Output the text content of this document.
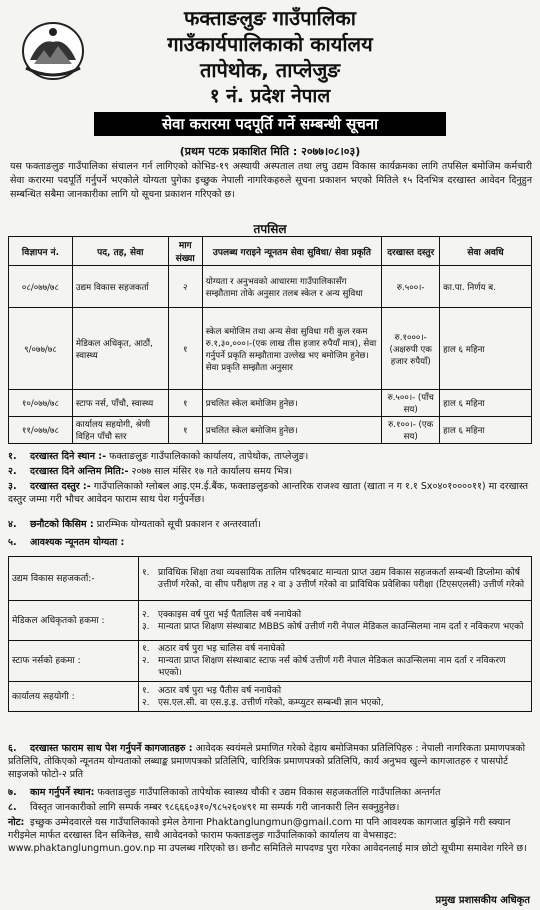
फक्ताङलुङ गाउँपालिका
गाउँकार्यपालिकाको कार्यालय
तापेथोक, ताप्लेजुङ
१ नं. प्रदेश नेपाल
सेवा करारमा पदपूर्ति गर्ने सम्बन्धी सूचना
(प्रथम पटक प्रकाशित मिति : २०७७।०८।०३)
यस फक्ताङलुङ गाउँपालिका संचालन गर्न लागिएको कोभिड-१९ अस्थायी अस्पताल तथा लघु उद्यम विकास कार्यक्रमका लागि तपसिल बमोजिम कर्मचारी सेवा करारमा पदपूर्ति गर्नुपर्ने भएकोले योग्यता पुगेका इच्छुक नेपाली नागरिकहरुले सूचना प्रकाशन भएको मितिले १५ दिनभित्र दरखास्त आवेदन दिनुहुन सम्बन्धित सबैमा जानकारीका लागि यो सूचना प्रकाशन गरिएको छ।
तपसिल
विज्ञापन नं.	पद, तह, सेवा	माग संख्या	उपलब्ध गराइने न्यूनतम सेवा सुविधा/ सेवा प्रकृति	दरखास्त दस्तुर	सेवा अवधि
०८/०७७/७८	उद्यम विकास सहजकर्ता	२	योग्यता र अनुभवको आधारमा गाउँपालिकासँग सम्झौतामा तोके अनुसार तलब स्केल र अन्य सुविधा	रु.५००।-	का.पा. निर्णय ब.
९/०७७/७८	मेडिकल अधिकृत, आठौं, स्वास्थ्य	१	स्केल बमोजिम तथा अन्य सेवा सुविधा गरी कुल रकम रु.१,३०,०००।-(एक लाख तीस हजार रुपैयाँ मात्र), सेवा गर्नुपर्ने प्रकृति सम्झौतामा उल्लेख भए बमोजिम हुनेछ। सेवा प्रकृति सम्झौता अनुसार	रु.१०००।- (अक्षरुपी एक हजार रुपैयाँ)	हाल ६ महिना
१०/०७७/७८	स्टाफ नर्स, पाँचौ, स्वास्थ्य	१	प्रचलित स्केल बमोजिम हुनेछ।	रु.५००।- (पाँच सय)	हाल ६ महिना
११/०७७/७८	कार्यालय सहयोगी, श्रेणी विहिन पाँचौ स्तर	१	प्रचलित स्केल बमोजिम हुनेछ।	रु.१००।- (एक सय)	हाल ६ महिना
१. दरखास्त दिने स्थान :- फक्ताङलुङ गाउँपालिकाको कार्यालय, तापेथोक, ताप्लेजुङ।
२. दरखास्त दिने अन्तिम मिति:- २०७७ साल मंसिर १७ गते कार्यालय समय भित्र।
३. दरखास्त दस्तुर :- गाउँपालिकाको ग्लोबल आइ.एम.ई.बैंक, फक्ताङलुङको आन्तरिक राजश्व खाता (खाता न ग १.१ Sx०४०१००००११) मा दरखास्त दस्तुर जम्मा गरी भौचर आवेदन फाराम साथ पेश गर्नुपर्नेछ।
४. छनौटको किसिम : प्रारम्भिक योग्यताको सूची प्रकाशन र अन्तरवार्ता।
५. आवश्यक न्यूनतम योग्यता :
उद्यम विकास सहजकर्ता:-	१. प्राविधिक शिक्षा तथा व्यवसायिक तालिम परिषदबाट मान्यता प्राप्त उद्यम विकास सहजकर्ता सम्बन्धी डिप्लोमा कोर्ष उत्तीर्ण गरेको, वा सीप परीक्षण तह २ वा ३ उत्तीर्ण गरेको वा प्राविधिक प्रवेशिका परीक्षा (टिएसएलसी) उत्तीर्ण गरेको

मेडिकल अधिकृतको हकमा :	२. एक्काइस वर्ष पुरा भई पैतालिस वर्ष ननाघेको
३. मान्यता प्राप्त शिक्षण संस्थाबाट MBBS कोर्ष उत्तीर्ण गरी नेपाल मेडिकल काउन्सिलमा नाम दर्ता र नविकरण भएको

स्टाफ नर्सको हकमा :	१. अठार वर्ष पुरा भइ चालिस वर्ष ननाघेको
२. मान्यता प्राप्त शिक्षण संस्थाबाट स्टाफ नर्स कोर्ष उत्तीर्ण गरी नेपाल मेडिकल काउन्सिलमा नाम दर्ता र नविकरण भएको।

कार्यालय सहयोगी :	१. अठार वर्ष पुरा भइ पैतीस वर्ष ननाघेको
२. एस.एल.सी. वा एस.इ.इ. उत्तीर्ण गरेको, कम्प्युटर सम्बन्धी ज्ञान भएको,
६. दरखास्त फाराम साथ पेश गर्नुपर्ने कागजातहरु : आवेदक स्वयंमले प्रमाणित गरेको देहाय बमोजिमका प्रतिलिपिहरु : नेपाली नागरिकता प्रमाणपत्रको प्रतिलिपि, तोकिएको न्यूनतम योग्यताको लब्धाङ्क प्रमाणपत्रको प्रतिलिपि, चारित्रिक प्रमाणपत्रको प्रतिलिपि, कार्य अनुभव खुल्ने कागजातहरु र पासपोर्ट साइजको फोटो-२ प्रति
७. काम गर्नुपर्ने स्थान: फक्ताङलुङ गाउँपालिकाको तापेथोक स्वास्थ्य चौकी र उद्यम विकास सहजकर्तालि गाउँपालिका अन्तर्गत
८. विस्तृत जानकारीको लागि सम्पर्क नम्बर ९८६६६०३१०/९८५२६०४९१ मा सम्पर्क गरी जानकारी लिन सक्नुहुनेछ।
नोट: इच्छुक उम्मेदवारले यस गाउँपालिकाको इमेल ठेगाना Phaktanglungmun@gmail.com मा पनि आवश्यक कागजात बुझिने गरी स्क्यान गरीइमेल मार्फत दरखास्त दिन सकिनेछ, साथै आवेदनको फाराम फक्ताङलुङ गाउँपालिकाको कार्यालय वा वेभसाइट: www.phaktanglungmun.gov.np मा उपलब्ध गरिएको छ। छनौट समितिले मापदण्ड पुरा गरेका आवेदनलाई मात्र छोटो सूचीमा समावेश गरिने छ।
प्रमुख प्रशासकीय अधिकृत
